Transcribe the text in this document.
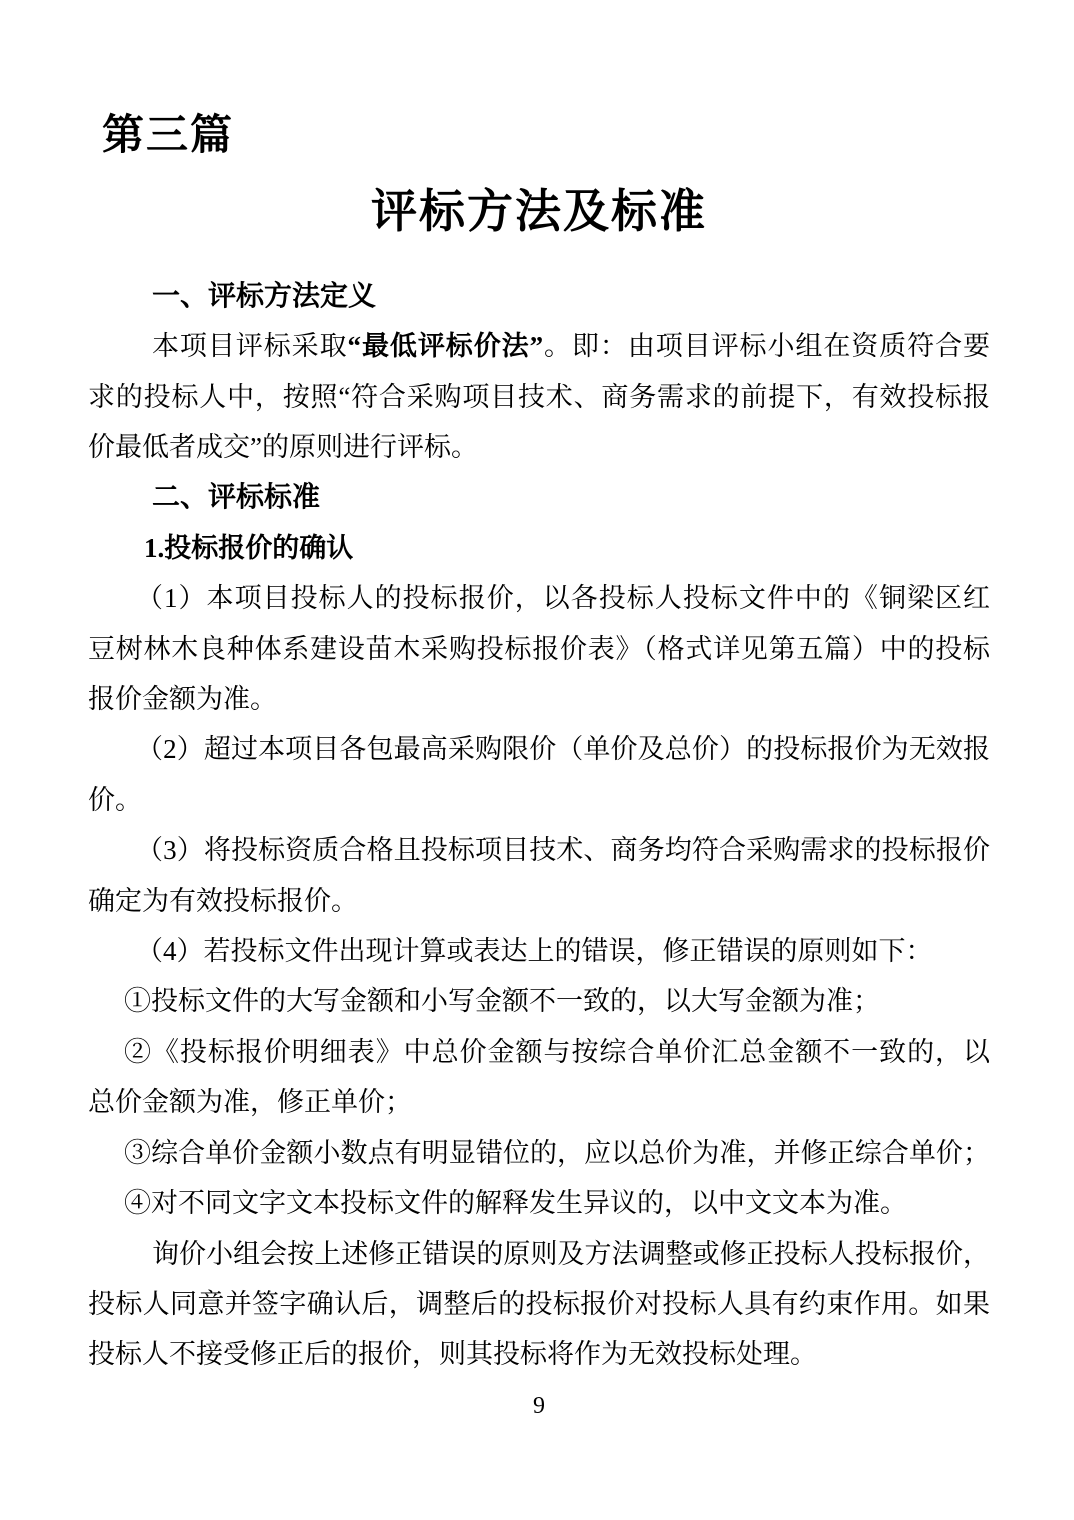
第三篇
评标方法及标准
一、评标方法定义
本项目评标采取“最低评标价法”。即：由项目评标小组在资质符合要
求的投标人中，按照“符合采购项目技术、商务需求的前提下，有效投标报
价最低者成交”的原则进行评标。
二、评标标准
1.投标报价的确认
（1）本项目投标人的投标报价，以各投标人投标文件中的《铜梁区红
豆树林木良种体系建设苗木采购投标报价表》（格式详见第五篇）中的投标
报价金额为准。
（2）超过本项目各包最高采购限价（单价及总价）的投标报价为无效报
价。
（3）将投标资质合格且投标项目技术、商务均符合采购需求的投标报价
确定为有效投标报价。
（4）若投标文件出现计算或表达上的错误，修正错误的原则如下：
①投标文件的大写金额和小写金额不一致的，以大写金额为准；
②《投标报价明细表》中总价金额与按综合单价汇总金额不一致的，以
总价金额为准，修正单价；
③综合单价金额小数点有明显错位的，应以总价为准，并修正综合单价；
④对不同文字文本投标文件的解释发生异议的，以中文文本为准。
询价小组会按上述修正错误的原则及方法调整或修正投标人投标报价，
投标人同意并签字确认后，调整后的投标报价对投标人具有约束作用。如果
投标人不接受修正后的报价，则其投标将作为无效投标处理。
9
